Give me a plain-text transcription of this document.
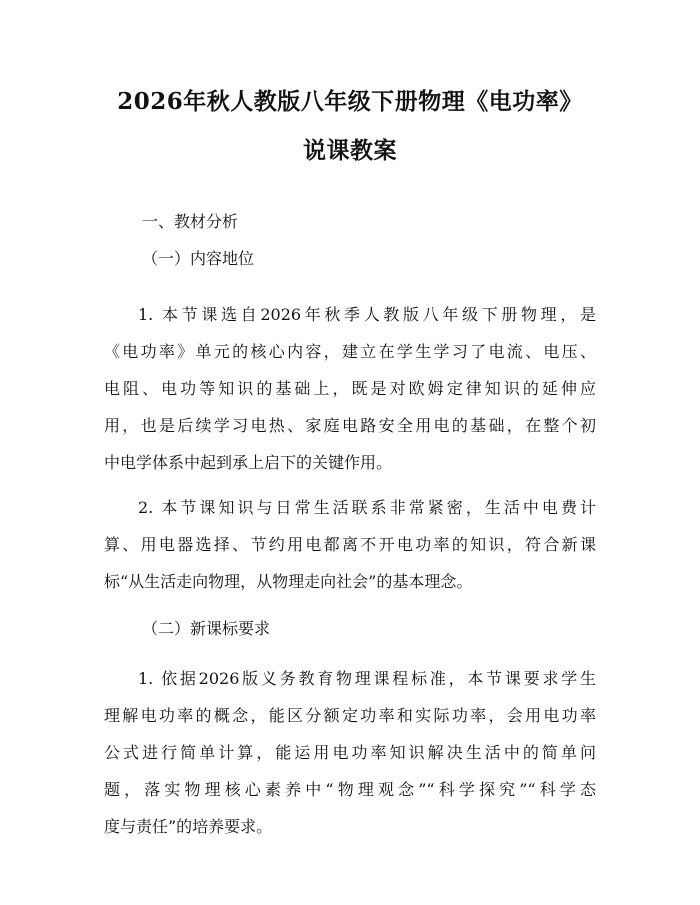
2026年秋人教版八年级下册物理《电功率》
说课教案

一、教材分析

（一）内容地位

1. 本节课选自2026年秋季人教版八年级下册物理，是
《电功率》单元的核心内容，建立在学生学习了电流、电压、
电阻、电功等知识的基础上，既是对欧姆定律知识的延伸应
用，也是后续学习电热、家庭电路安全用电的基础，在整个初
中电学体系中起到承上启下的关键作用。
2. 本节课知识与日常生活联系非常紧密，生活中电费计
算、用电器选择、节约用电都离不开电功率的知识，符合新课
标“从生活走向物理，从物理走向社会”的基本理念。

（二）新课标要求

1. 依据2026版义务教育物理课程标准，本节课要求学生
理解电功率的概念，能区分额定功率和实际功率，会用电功率
公式进行简单计算，能运用电功率知识解决生活中的简单问
题，落实物理核心素养中“物理观念”“科学探究”“科学态
度与责任”的培养要求。
